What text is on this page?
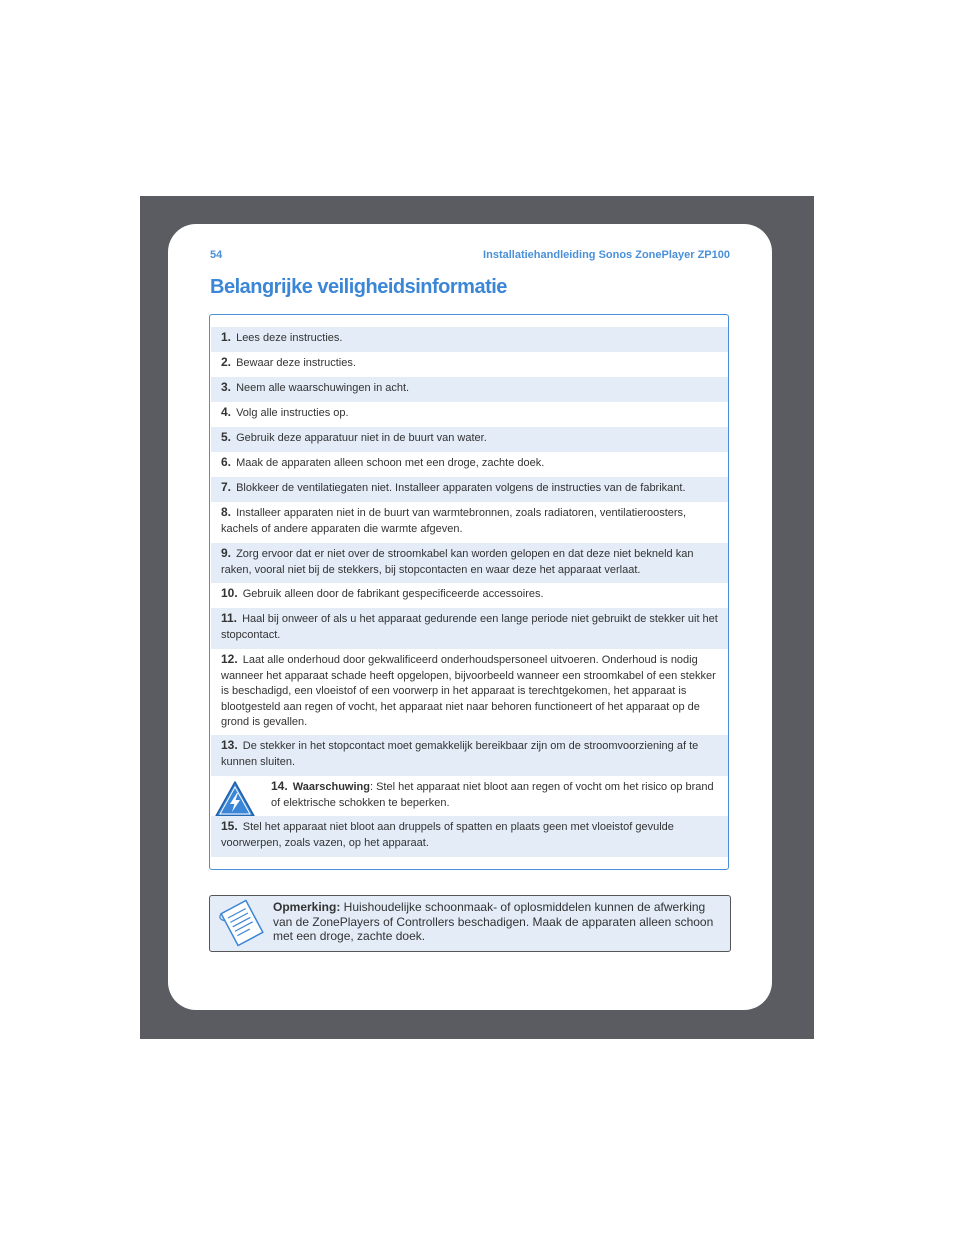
54	Installatiehandleiding Sonos ZonePlayer ZP100
Belangrijke veiligheidsinformatie
1. Lees deze instructies.
2. Bewaar deze instructies.
3. Neem alle waarschuwingen in acht.
4. Volg alle instructies op.
5. Gebruik deze apparatuur niet in de buurt van water.
6. Maak de apparaten alleen schoon met een droge, zachte doek.
7. Blokkeer de ventilatiegaten niet. Installeer apparaten volgens de instructies van de fabrikant.
8. Installeer apparaten niet in de buurt van warmtebronnen, zoals radiatoren, ventilatieroosters, kachels of andere apparaten die warmte afgeven.
9. Zorg ervoor dat er niet over de stroomkabel kan worden gelopen en dat deze niet bekneld kan raken, vooral niet bij de stekkers, bij stopcontacten en waar deze het apparaat verlaat.
10. Gebruik alleen door de fabrikant gespecificeerde accessoires.
11. Haal bij onweer of als u het apparaat gedurende een lange periode niet gebruikt de stekker uit het stopcontact.
12. Laat alle onderhoud door gekwalificeerd onderhoudspersoneel uitvoeren. Onderhoud is nodig wanneer het apparaat schade heeft opgelopen, bijvoorbeeld wanneer een stroomkabel of een stekker is beschadigd, een vloeistof of een voorwerp in het apparaat is terechtgekomen, het apparaat is blootgesteld aan regen of vocht, het apparaat niet naar behoren functioneert of het apparaat op de grond is gevallen.
13. De stekker in het stopcontact moet gemakkelijk bereikbaar zijn om de stroomvoorziening af te kunnen sluiten.
14. Waarschuwing: Stel het apparaat niet bloot aan regen of vocht om het risico op brand of elektrische schokken te beperken.
15. Stel het apparaat niet bloot aan druppels of spatten en plaats geen met vloeistof gevulde voorwerpen, zoals vazen, op het apparaat.
Opmerking: Huishoudelijke schoonmaak- of oplosmiddelen kunnen de afwerking van de ZonePlayers of Controllers beschadigen. Maak de apparaten alleen schoon met een droge, zachte doek.
